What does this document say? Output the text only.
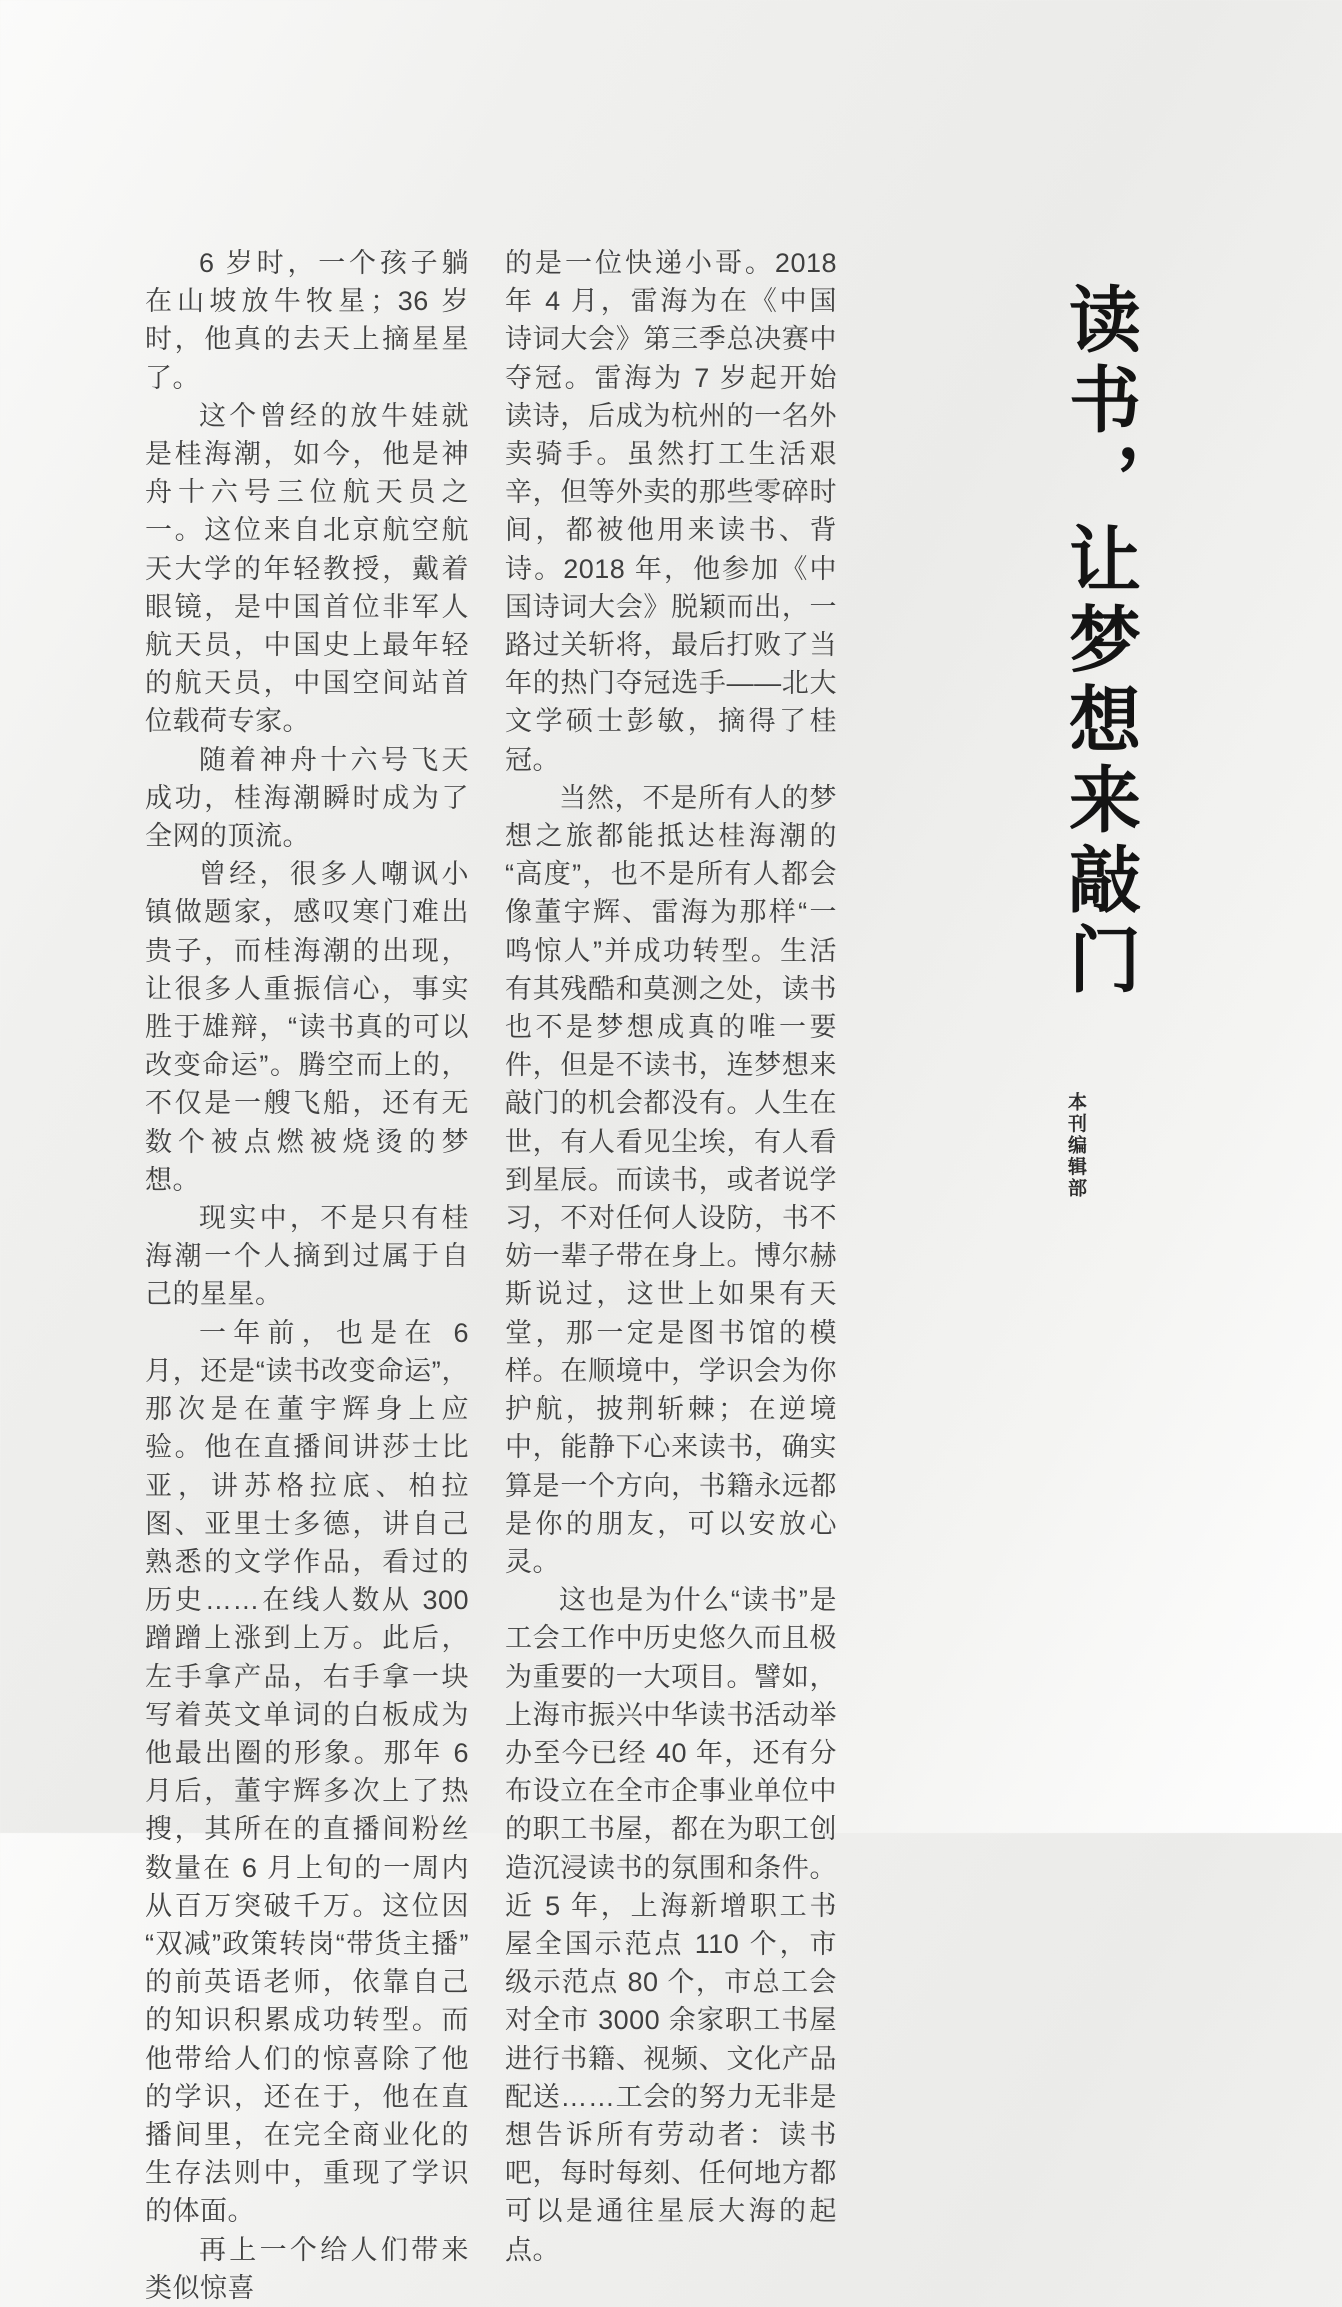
6 岁时，一个孩子躺在山坡放牛牧星；36 岁时，他真的去天上摘星星了。

这个曾经的放牛娃就是桂海潮，如今，他是神舟十六号三位航天员之一。这位来自北京航空航天大学的年轻教授，戴着眼镜，是中国首位非军人航天员，中国史上最年轻的航天员，中国空间站首位载荷专家。

随着神舟十六号飞天成功，桂海潮瞬时成为了全网的顶流。

曾经，很多人嘲讽小镇做题家，感叹寒门难出贵子，而桂海潮的出现，让很多人重振信心，事实胜于雄辩，“读书真的可以改变命运”。腾空而上的，不仅是一艘飞船，还有无数个被点燃被烧烫的梦想。

现实中，不是只有桂海潮一个人摘到过属于自己的星星。

一年前，也是在 6 月，还是“读书改变命运”，那次是在董宇辉身上应验。他在直播间讲莎士比亚，讲苏格拉底、柏拉图、亚里士多德，讲自己熟悉的文学作品，看过的历史……在线人数从 300 蹭蹭上涨到上万。此后，左手拿产品，右手拿一块写着英文单词的白板成为他最出圈的形象。那年 6 月后，董宇辉多次上了热搜，其所在的直播间粉丝数量在 6 月上旬的一周内从百万突破千万。这位因“双减”政策转岗“带货主播”的前英语老师，依靠自己的知识积累成功转型。而他带给人们的惊喜除了他的学识，还在于，他在直播间里，在完全商业化的生存法则中，重现了学识的体面。

再上一个给人们带来类似惊喜

的是一位快递小哥。2018 年 4 月，雷海为在《中国诗词大会》第三季总决赛中夺冠。雷海为 7 岁起开始读诗，后成为杭州的一名外卖骑手。虽然打工生活艰辛，但等外卖的那些零碎时间，都被他用来读书、背诗。2018 年，他参加《中国诗词大会》脱颖而出，一路过关斩将，最后打败了当年的热门夺冠选手——北大文学硕士彭敏，摘得了桂冠。

当然，不是所有人的梦想之旅都能抵达桂海潮的“高度”，也不是所有人都会像董宇辉、雷海为那样“一鸣惊人”并成功转型。生活有其残酷和莫测之处，读书也不是梦想成真的唯一要件，但是不读书，连梦想来敲门的机会都没有。人生在世，有人看见尘埃，有人看到星辰。而读书，或者说学习，不对任何人设防，书不妨一辈子带在身上。博尔赫斯说过，这世上如果有天堂，那一定是图书馆的模样。在顺境中，学识会为你护航，披荆斩棘；在逆境中，能静下心来读书，确实算是一个方向，书籍永远都是你的朋友，可以安放心灵。

这也是为什么“读书”是工会工作中历史悠久而且极为重要的一大项目。譬如，上海市振兴中华读书活动举办至今已经 40 年，还有分布设立在全市企事业单位中的职工书屋，都在为职工创造沉浸读书的氛围和条件。近 5 年，上海新增职工书屋全国示范点 110 个，市级示范点 80 个，市总工会对全市 3000 余家职工书屋进行书籍、视频、文化产品配送……工会的努力无非是想告诉所有劳动者：读书吧，每时每刻、任何地方都可以是通往星辰大海的起点。

读书，让梦想来敲门
本刊编辑部
